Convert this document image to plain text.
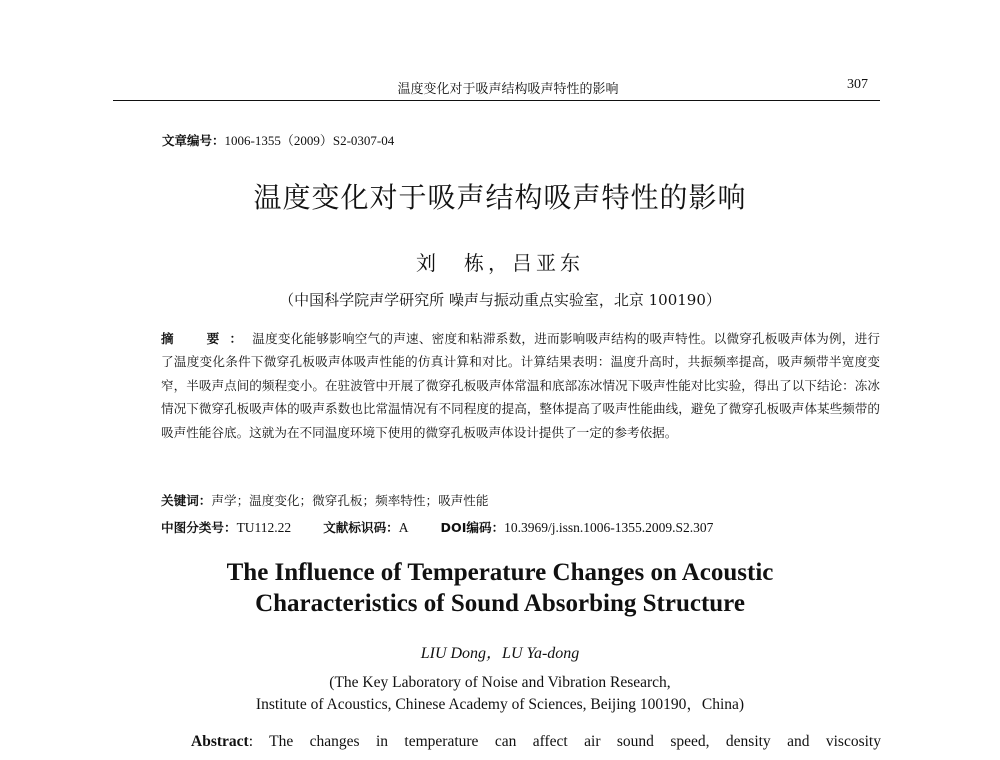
温度变化对于吸声结构吸声特性的影响	307
文章编号：1006-1355（2009）S2-0307-04
温度变化对于吸声结构吸声特性的影响
刘　栋，吕亚东
（中国科学院声学研究所 噪声与振动重点实验室，北京 100190）
摘　要：温度变化能够影响空气的声速、密度和粘滞系数，进而影响吸声结构的吸声特性。以微穿孔板吸声体为例，进行了温度变化条件下微穿孔板吸声体吸声性能的仿真计算和对比。计算结果表明：温度升高时，共振频率提高，吸声频带半宽度变窄，半吸声点间的频程变小。在驻波管中开展了微穿孔板吸声体常温和底部冻冰情况下吸声性能对比实验，得出了以下结论：冻冰情况下微穿孔板吸声体的吸声系数也比常温情况有不同程度的提高，整体提高了吸声性能曲线，避免了微穿孔板吸声体某些频带的吸声性能谷底。这就为在不同温度环境下使用的微穿孔板吸声体设计提供了一定的参考依据。
关键词：声学；温度变化；微穿孔板；频率特性；吸声性能
中图分类号：TU112.22	文献标识码：A	DOI编码：10.3969/j.issn.1006-1355.2009.S2.307
The Influence of Temperature Changes on Acoustic
Characteristics of Sound Absorbing Structure
LIU Dong，LU Ya-dong
(The Key Laboratory of Noise and Vibration Research,
Institute of Acoustics, Chinese Academy of Sciences, Beijing 100190，China)
Abstract: The changes in temperature can affect air sound speed, density and viscosity
